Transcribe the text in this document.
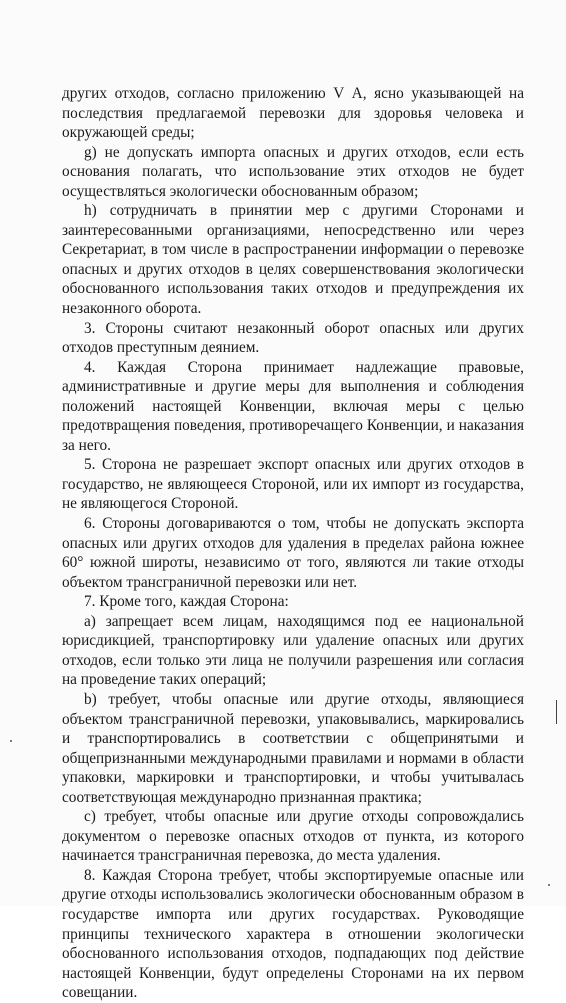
других отходов, согласно приложению V А, ясно указывающей на последствия предлагаемой перевозки для здоровья человека и окружающей среды;

g) не допускать импорта опасных и других отходов, если есть основания полагать, что использование этих отходов не будет осуществляться экологически обоснованным образом;

h) сотрудничать в принятии мер с другими Сторонами и заинтересованными организациями, непосредственно или через Секретариат, в том числе в распространении информации о перевозке опасных и других отходов в целях совершенствования экологически обоснованного использования таких отходов и предупреждения их незаконного оборота.

3. Стороны считают незаконный оборот опасных или других отходов преступным деянием.

4. Каждая Сторона принимает надлежащие правовые, административные и другие меры для выполнения и соблюдения положений настоящей Конвенции, включая меры с целью предотвращения поведения, противоречащего Конвенции, и наказания за него.

5. Сторона не разрешает экспорт опасных или других отходов в государство, не являющееся Стороной, или их импорт из государства, не являющегося Стороной.

6. Стороны договариваются о том, чтобы не допускать экспорта опасных или других отходов для удаления в пределах района южнее 60° южной широты, независимо от того, являются ли такие отходы объектом трансграничной перевозки или нет.

7. Кроме того, каждая Сторона:

a) запрещает всем лицам, находящимся под ее национальной юрисдикцией, транспортировку или удаление опасных или других отходов, если только эти лица не получили разрешения или согласия на проведение таких операций;

b) требует, чтобы опасные или другие отходы, являющиеся объектом трансграничной перевозки, упаковывались, маркировались и транспортировались в соответствии с общепринятыми и общепризнанными международными правилами и нормами в области упаковки, маркировки и транспортировки, и чтобы учитывалась соответствующая международно признанная практика;

c) требует, чтобы опасные или другие отходы сопровождались документом о перевозке опасных отходов от пункта, из которого начинается трансграничная перевозка, до места удаления.

8. Каждая Сторона требует, чтобы экспортируемые опасные или другие отходы использовались экологически обоснованным образом в государстве импорта или других государствах. Руководящие принципы технического характера в отношении экологически обоснованного использования отходов, подпадающих под действие настоящей Конвенции, будут определены Сторонами на их первом совещании.
